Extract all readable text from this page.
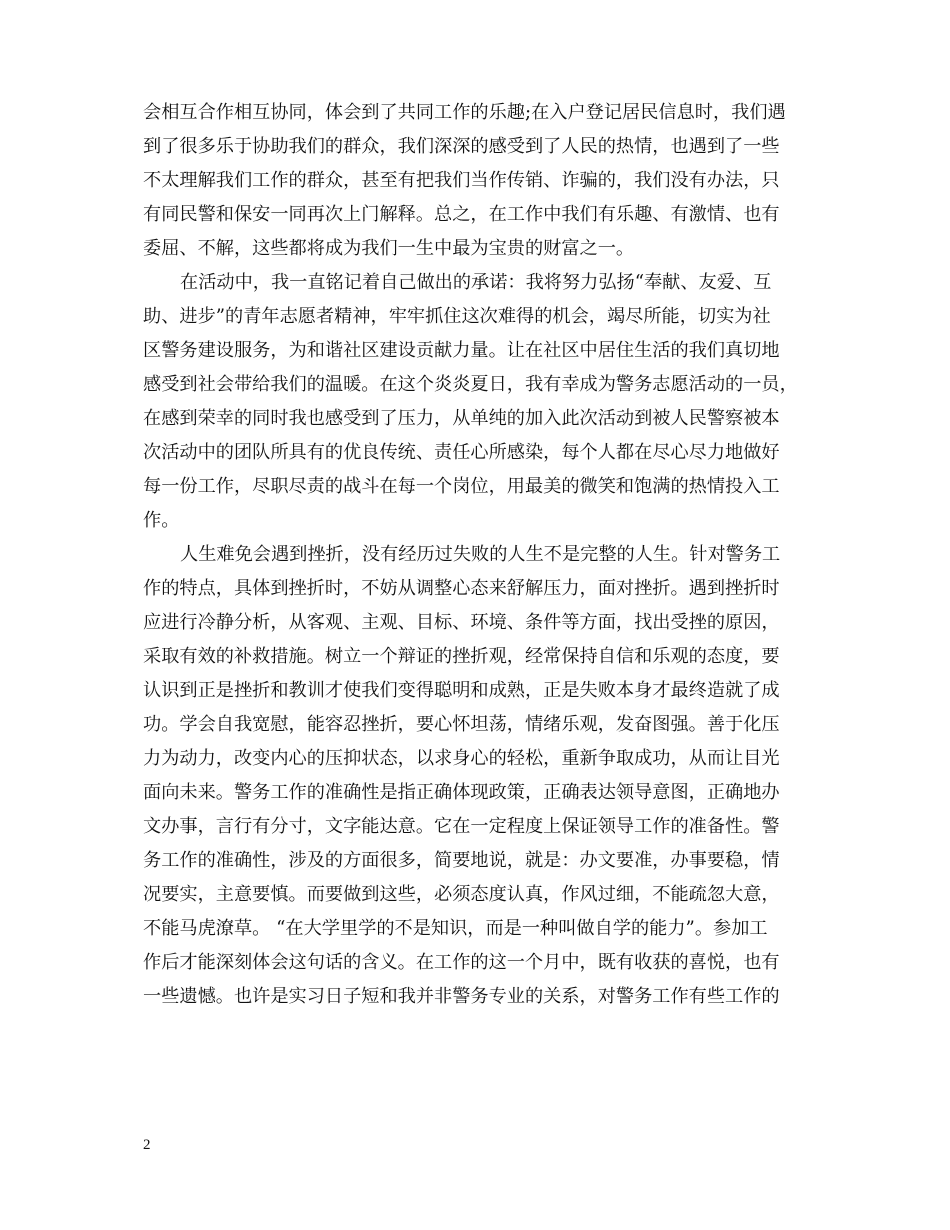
会相互合作相互协同，体会到了共同工作的乐趣;在入户登记居民信息时，我们遇
到了很多乐于协助我们的群众，我们深深的感受到了人民的热情，也遇到了一些
不太理解我们工作的群众，甚至有把我们当作传销、诈骗的，我们没有办法，只
有同民警和保安一同再次上门解释。总之，在工作中我们有乐趣、有激情、也有
委屈、不解，这些都将成为我们一生中最为宝贵的财富之一。
在活动中，我一直铭记着自己做出的承诺：我将努力弘扬“奉献、友爱、互
助、进步”的青年志愿者精神，牢牢抓住这次难得的机会，竭尽所能，切实为社
区警务建设服务，为和谐社区建设贡献力量。让在社区中居住生活的我们真切地
感受到社会带给我们的温暖。在这个炎炎夏日，我有幸成为警务志愿活动的一员，
在感到荣幸的同时我也感受到了压力，从单纯的加入此次活动到被人民警察被本
次活动中的团队所具有的优良传统、责任心所感染，每个人都在尽心尽力地做好
每一份工作，尽职尽责的战斗在每一个岗位，用最美的微笑和饱满的热情投入工
作。
人生难免会遇到挫折，没有经历过失败的人生不是完整的人生。针对警务工
作的特点，具体到挫折时，不妨从调整心态来舒解压力，面对挫折。遇到挫折时
应进行冷静分析，从客观、主观、目标、环境、条件等方面，找出受挫的原因，
采取有效的补救措施。树立一个辩证的挫折观，经常保持自信和乐观的态度，要
认识到正是挫折和教训才使我们变得聪明和成熟，正是失败本身才最终造就了成
功。学会自我宽慰，能容忍挫折，要心怀坦荡，情绪乐观，发奋图强。善于化压
力为动力，改变内心的压抑状态，以求身心的轻松，重新争取成功，从而让目光
面向未来。警务工作的准确性是指正确体现政策，正确表达领导意图，正确地办
文办事，言行有分寸，文字能达意。它在一定程度上保证领导工作的准备性。警
务工作的准确性，涉及的方面很多，简要地说，就是：办文要准，办事要稳，情
况要实，主意要慎。而要做到这些，必须态度认真，作风过细，不能疏忽大意，
不能马虎潦草。 “在大学里学的不是知识，而是一种叫做自学的能力”。参加工
作后才能深刻体会这句话的含义。在工作的这一个月中，既有收获的喜悦，也有
一些遗憾。也许是实习日子短和我并非警务专业的关系，对警务工作有些工作的
2
